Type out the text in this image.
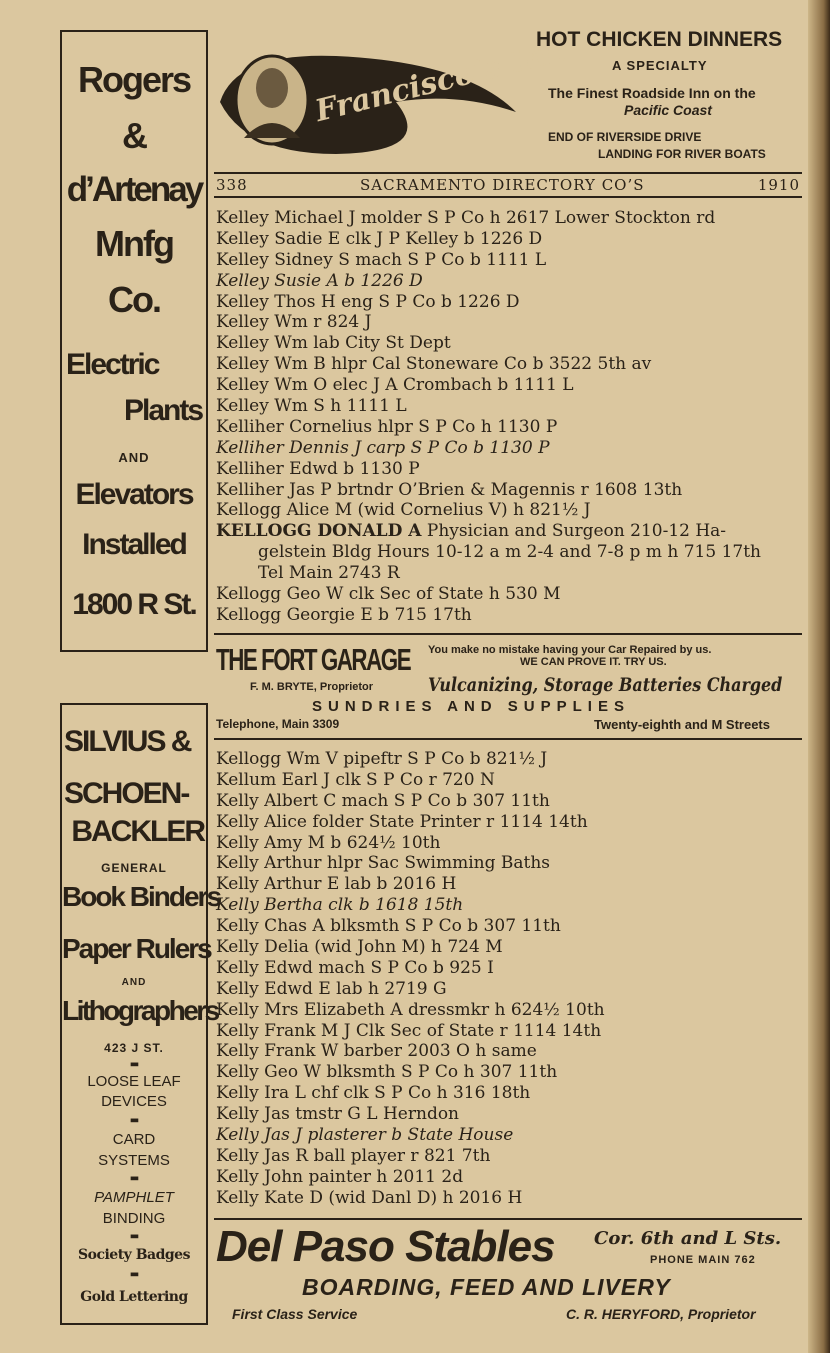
Rogers
&
d’Artenay
Mnfg
Co.
Electric
Plants
AND
Elevators
Installed
1800 R St.
SILVIUS &
SCHOEN-
BACKLER
GENERAL
Book Binders
Paper Rulers
AND
Lithographers
423 J ST.
▬
LOOSE LEAF
DEVICES
▬
CARD
SYSTEMS
▬
PAMPHLET
BINDING
▬
Society Badges
▬
Gold Lettering
Francisco’s Inn
HOT CHICKEN DINNERS
A SPECIALTY
The Finest Roadside Inn on the
Pacific Coast
END OF RIVERSIDE DRIVE
LANDING FOR RIVER BOATS
338	SACRAMENTO DIRECTORY CO’S	1910
Kelley Michael J molder S P Co h 2617 Lower Stockton rd
Kelley Sadie E clk J P Kelley b 1226 D
Kelley Sidney S mach S P Co b 1111 L
Kelley Susie A b 1226 D
Kelley Thos H eng S P Co b 1226 D
Kelley Wm r 824 J
Kelley Wm lab City St Dept
Kelley Wm B hlpr Cal Stoneware Co b 3522 5th av
Kelley Wm O elec J A Crombach b 1111 L
Kelley Wm S h 1111 L
Kelliher Cornelius hlpr S P Co h 1130 P
Kelliher Dennis J carp S P Co b 1130 P
Kelliher Edwd b 1130 P
Kelliher Jas P brtndr O’Brien & Magennis r 1608 13th
Kellogg Alice M (wid Cornelius V) h 821½ J
KELLOGG DONALD A Physician and Surgeon 210-12 Ha-
gelstein Bldg Hours 10-12 a m 2-4 and 7-8 p m h 715 17th
Tel Main 2743 R
Kellogg Geo W clk Sec of State h 530 M
Kellogg Georgie E b 715 17th
THE FORT GARAGE You make no mistake having your Car Repaired by us.
WE CAN PROVE IT. TRY US.
F. M. BRYTE, Proprietor	Vulcanizing, Storage Batteries Charged
SUNDRIES AND SUPPLIES
Telephone, Main 3309	Twenty-eighth and M Streets
Kellogg Wm V pipeftr S P Co b 821½ J
Kellum Earl J clk S P Co r 720 N
Kelly Albert C mach S P Co b 307 11th
Kelly Alice folder State Printer r 1114 14th
Kelly Amy M b 624½ 10th
Kelly Arthur hlpr Sac Swimming Baths
Kelly Arthur E lab b 2016 H
Kelly Bertha clk b 1618 15th
Kelly Chas A blksmth S P Co b 307 11th
Kelly Delia (wid John M) h 724 M
Kelly Edwd mach S P Co b 925 I
Kelly Edwd E lab h 2719 G
Kelly Mrs Elizabeth A dressmkr h 624½ 10th
Kelly Frank M J Clk Sec of State r 1114 14th
Kelly Frank W barber 2003 O h same
Kelly Geo W blksmth S P Co h 307 11th
Kelly Ira L chf clk S P Co h 316 18th
Kelly Jas tmstr G L Herndon
Kelly Jas J plasterer b State House
Kelly Jas R ball player r 821 7th
Kelly John painter h 2011 2d
Kelly Kate D (wid Danl D) h 2016 H
Del Paso Stables Cor. 6th and L Sts.
PHONE MAIN 762
BOARDING, FEED AND LIVERY
First Class Service	C. R. HERYFORD, Proprietor
